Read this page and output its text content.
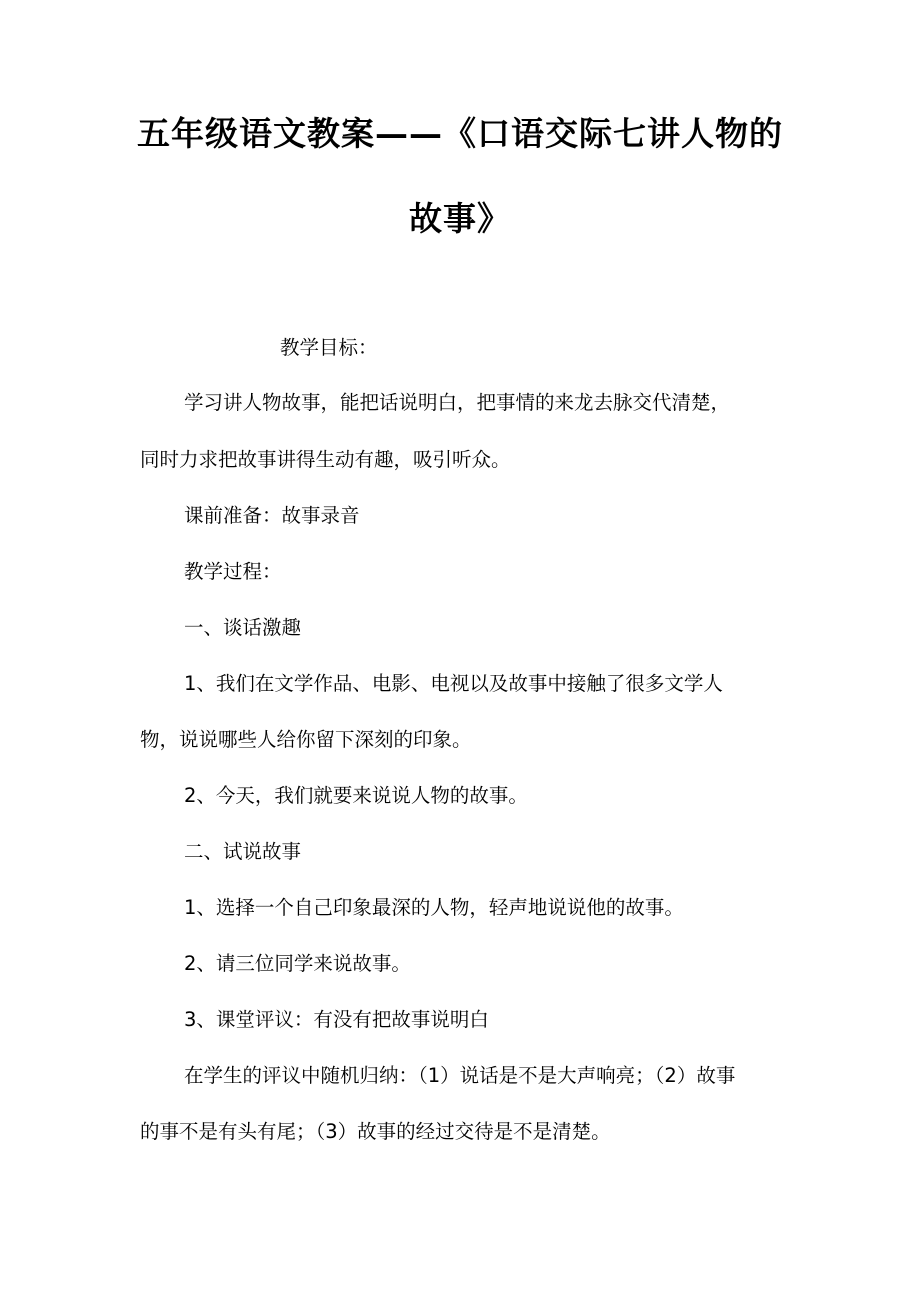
五年级语文教案——《口语交际七讲人物的
故事》
教学目标：
学习讲人物故事，能把话说明白，把事情的来龙去脉交代清楚，
同时力求把故事讲得生动有趣，吸引听众。
课前准备：故事录音
教学过程：
一、谈话激趣
1、我们在文学作品、电影、电视以及故事中接触了很多文学人
物，说说哪些人给你留下深刻的印象。
2、今天，我们就要来说说人物的故事。
二、试说故事
1、选择一个自己印象最深的人物，轻声地说说他的故事。
2、请三位同学来说故事。
3、课堂评议：有没有把故事说明白
在学生的评议中随机归纳：（1）说话是不是大声响亮；（2）故事
的事不是有头有尾；（3）故事的经过交待是不是清楚。
